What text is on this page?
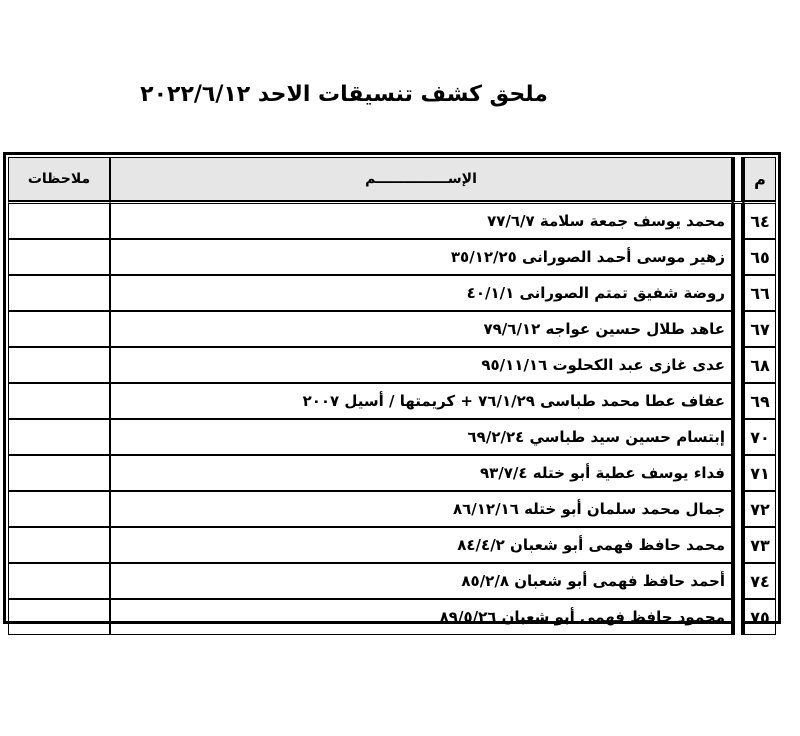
ملحق كشف تنسيقات الاحد ٢٠٢٢/٦/١٢
م		الإســـــــــــــــم	ملاحظات
٦٤		محمد يوسف جمعة سلامة ٧٧/٦/٧	
٦٥		زهير موسى أحمد الصورانى ٣٥/١٢/٢٥	
٦٦		روضة شفيق تمتم الصورانى ٤٠/١/١	
٦٧		عاهد طلال حسين عواجه ٧٩/٦/١٢	
٦٨		عدى غازى عبد الكحلوت ٩٥/١١/١٦	
٦٩		عفاف عطا محمد طباسى ٧٦/١/٢٩ + كريمتها / أسيل ٢٠٠٧	
٧٠		إبتسام حسين سيد طباسي ٦٩/٢/٢٤	
٧١		فداء يوسف عطية أبو ختله ٩٣/٧/٤	
٧٢		جمال محمد سلمان أبو ختله ٨٦/١٢/١٦	
٧٣		محمد حافظ فهمى أبو شعبان ٨٤/٤/٢	
٧٤		أحمد حافظ فهمى أبو شعبان ٨٥/٢/٨	
٧٥		محمود حافظ فهمى أبو شعبان ٨٩/٥/٢٦	
